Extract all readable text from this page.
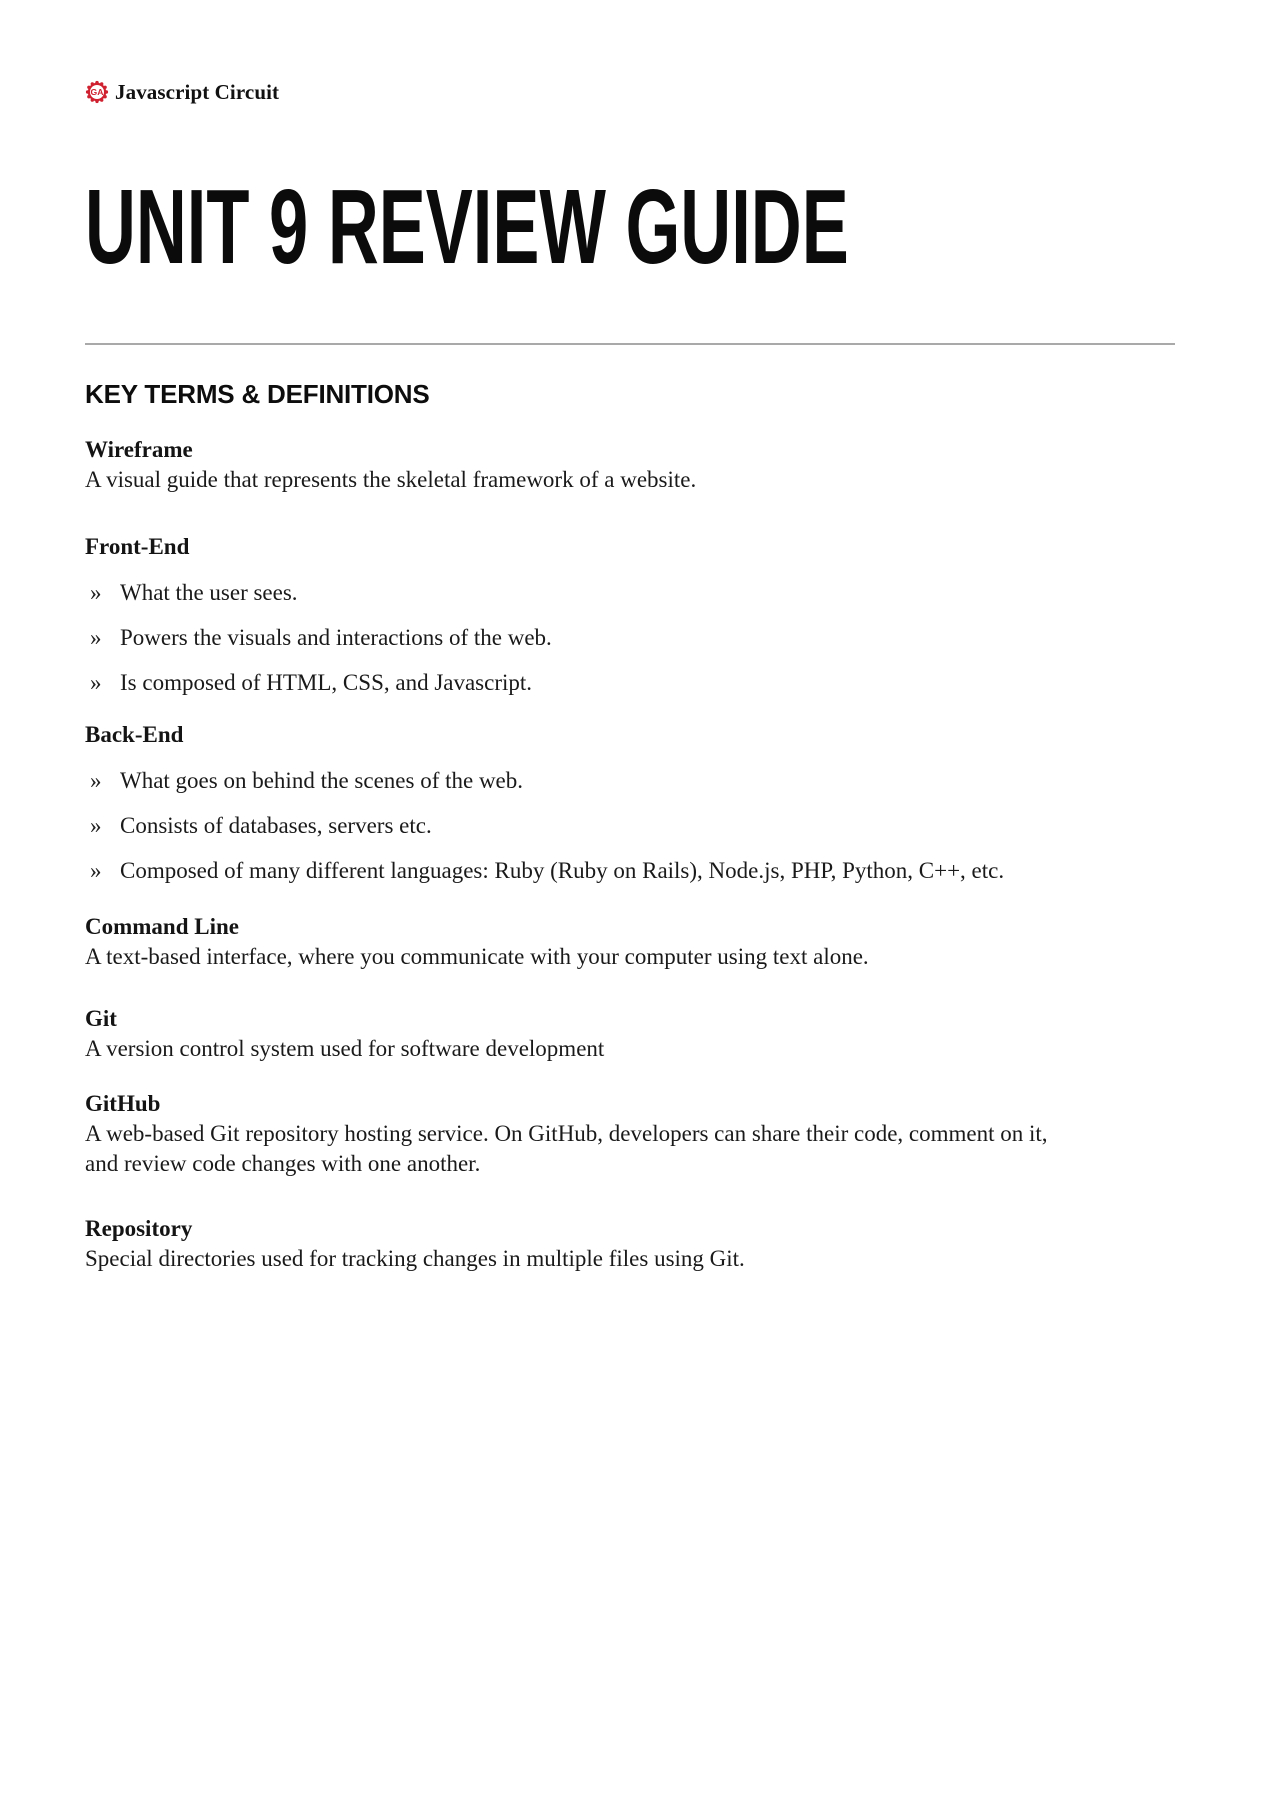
GA Javascript Circuit
UNIT 9 REVIEW GUIDE
KEY TERMS & DEFINITIONS
Wireframe

A visual guide that represents the skeletal framework of a website.

Front-End
» What the user sees.
» Powers the visuals and interactions of the web.
» Is composed of HTML, CSS, and Javascript.
Back-End
» What goes on behind the scenes of the web.
» Consists of databases, servers etc.
» Composed of many different languages: Ruby (Ruby on Rails), Node.js, PHP, Python, C++, etc.
Command Line

A text-based interface, where you communicate with your computer using text alone.

Git

A version control system used for software development

GitHub

A web-based Git repository hosting service. On GitHub, developers can share their code, comment on it, and review code changes with one another.

Repository

Special directories used for tracking changes in multiple files using Git.
